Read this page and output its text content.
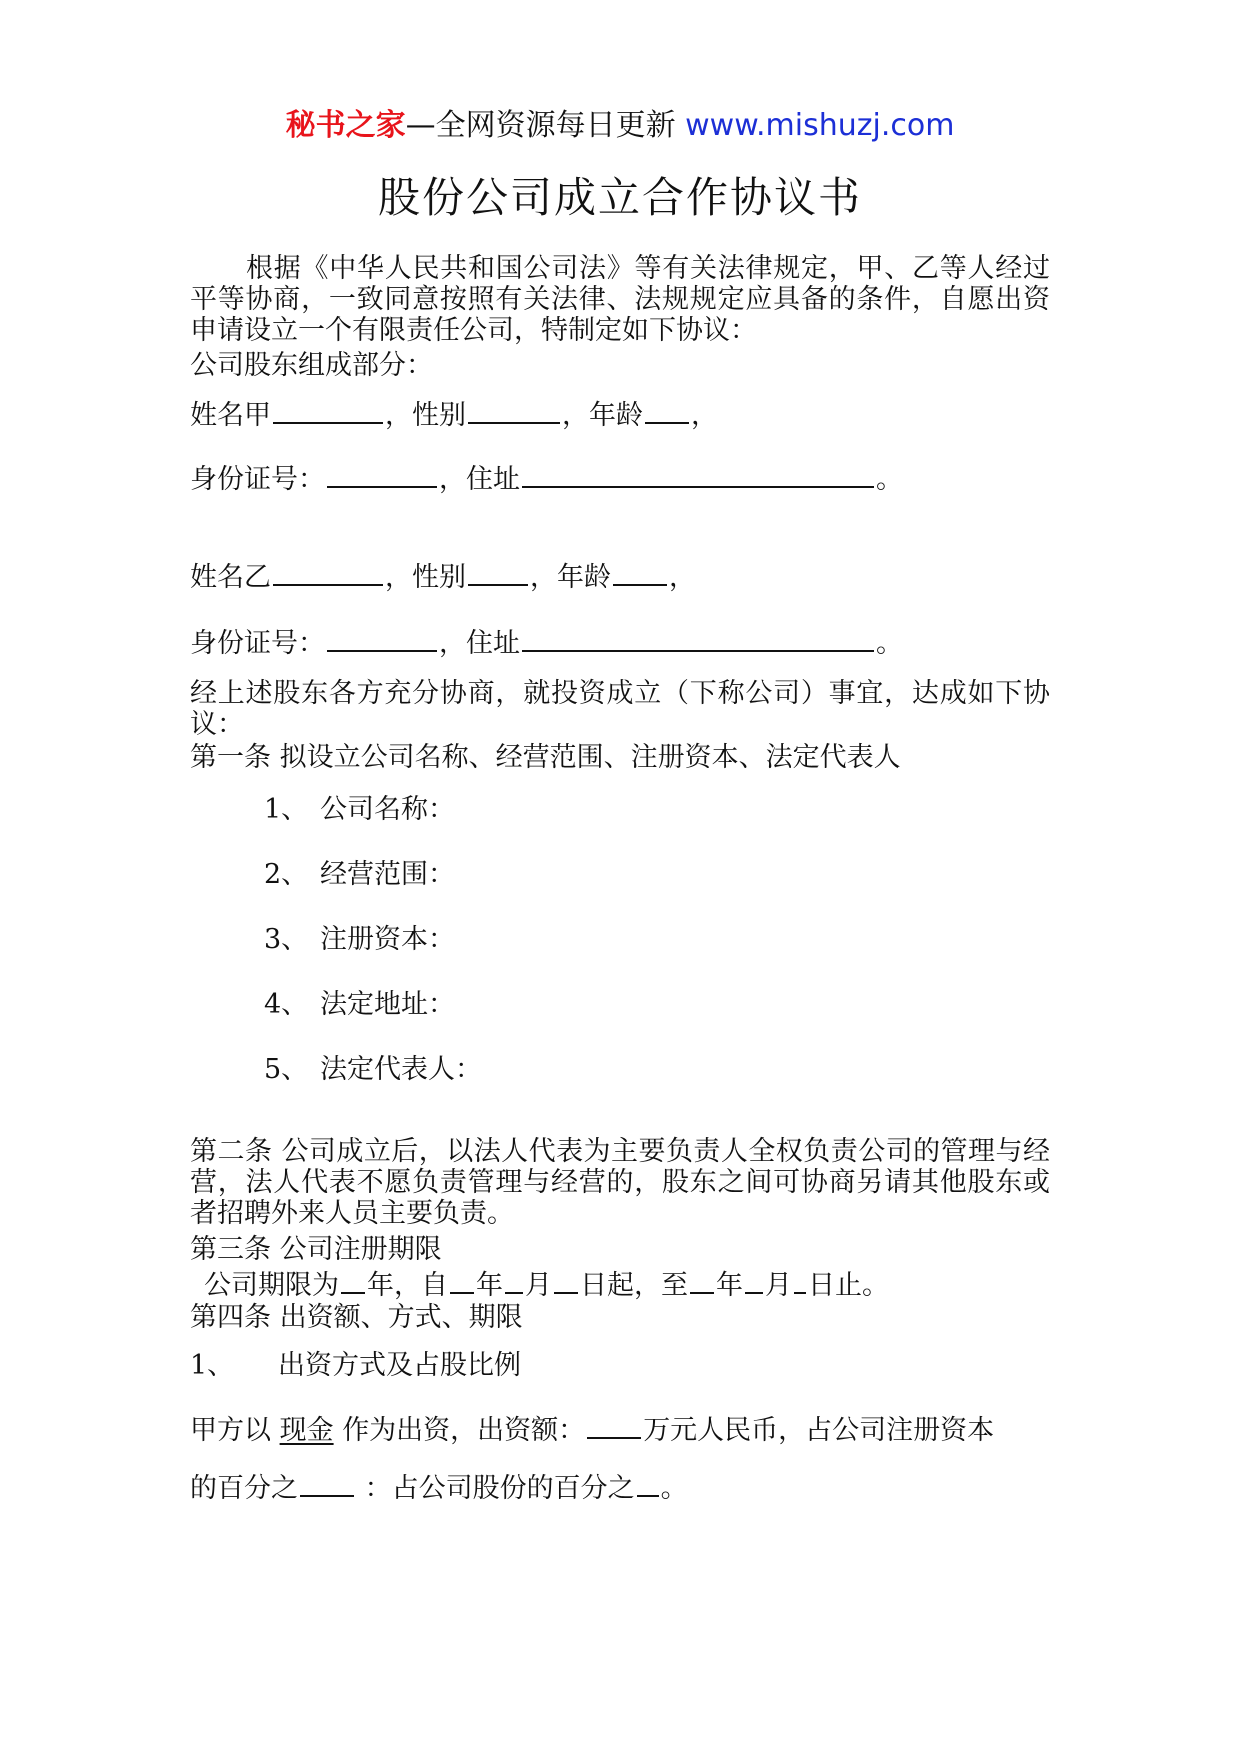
秘书之家—全网资源每日更新 www.mishuzj.com
股份公司成立合作协议书
根据《中华人民共和国公司法》等有关法律规定，甲、乙等人经过平等协商，一致同意按照有关法律、法规规定应具备的条件，自愿出资申请设立一个有限责任公司，特制定如下协议：
公司股东组成部分：
姓名甲	，性别	，年龄 ，
身份证号：	，住址	。
姓名乙	，性别 ，年龄 ，
身份证号：	，住址	。
经上述股东各方充分协商，就投资成立（下称公司）事宜，达成如下协议：
第一条 拟设立公司名称、经营范围、注册资本、法定代表人
1、 公司名称：
2、 经营范围：
3、 注册资本：
4、 法定地址：
5、 法定代表人：
第二条 公司成立后，以法人代表为主要负责人全权负责公司的管理与经营，法人代表不愿负责管理与经营的，股东之间可协商另请其他股东或者招聘外来人员主要负责。
第三条 公司注册期限
公司期限为 年，自 年 月 日起，至 年 月 日止。
第四条 出资额、方式、期限
1、 出资方式及占股比例
甲方以 现金 作为出资，出资额： 万元人民币，占公司注册资本
的百分之 ：占公司股份的百分之 。
